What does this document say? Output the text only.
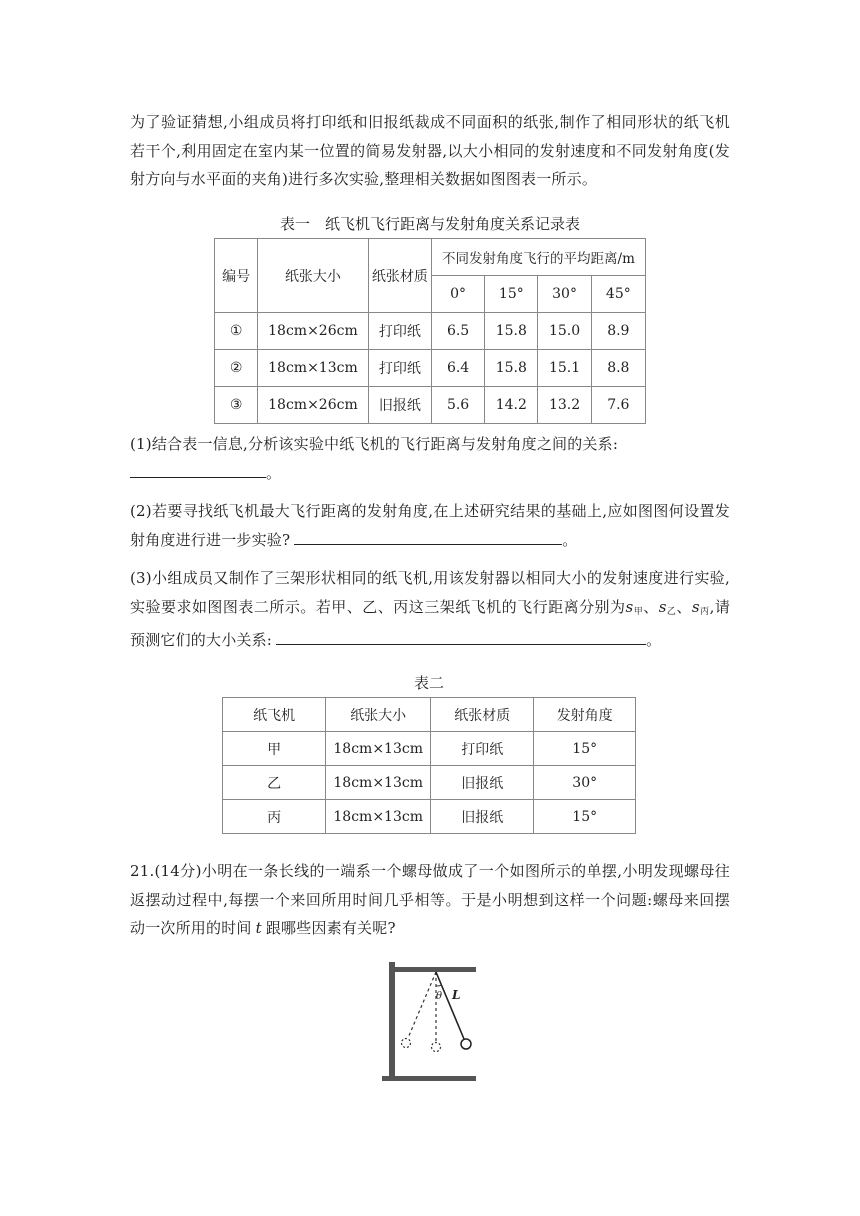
为了验证猜想,小组成员将打印纸和旧报纸裁成不同面积的纸张,制作了相同形状的纸飞机若干个,利用固定在室内某一位置的简易发射器,以大小相同的发射速度和不同发射角度(发射方向与水平面的夹角)进行多次实验,整理相关数据如图图表一所示。
表一　纸飞机飞行距离与发射角度关系记录表
编号	纸张大小	纸张材质	不同发射角度飞行的平均距离/m			
			0°	15°	30°	45°
①	18cm×26cm	打印纸	6.5	15.8	15.0	8.9
②	18cm×13cm	打印纸	6.4	15.8	15.1	8.8
③	18cm×26cm	旧报纸	5.6	14.2	13.2	7.6
(1)结合表一信息,分析该实验中纸飞机的飞行距离与发射角度之间的关系:
。
(2)若要寻找纸飞机最大飞行距离的发射角度,在上述研究结果的基础上,应如图图何设置发射角度进行进一步实验?	。
(3)小组成员又制作了三架形状相同的纸飞机,用该发射器以相同大小的发射速度进行实验,实验要求如图图表二所示。若甲、乙、丙这三架纸飞机的飞行距离分别为$s_甲$、$s_乙$、$s_丙$,请预测它们的大小关系:	。
表二
纸飞机	纸张大小	纸张材质	发射角度
甲	18cm×13cm	打印纸	15°
乙	18cm×13cm	旧报纸	30°
丙	18cm×13cm	旧报纸	15°
21.(14分)小明在一条长线的一端系一个螺母做成了一个如图所示的单摆,小明发现螺母往返摆动过程中,每摆一个来回所用时间几乎相等。于是小明想到这样一个问题:螺母来回摆动一次所用的时间 t 跟哪些因素有关呢?
θ L
